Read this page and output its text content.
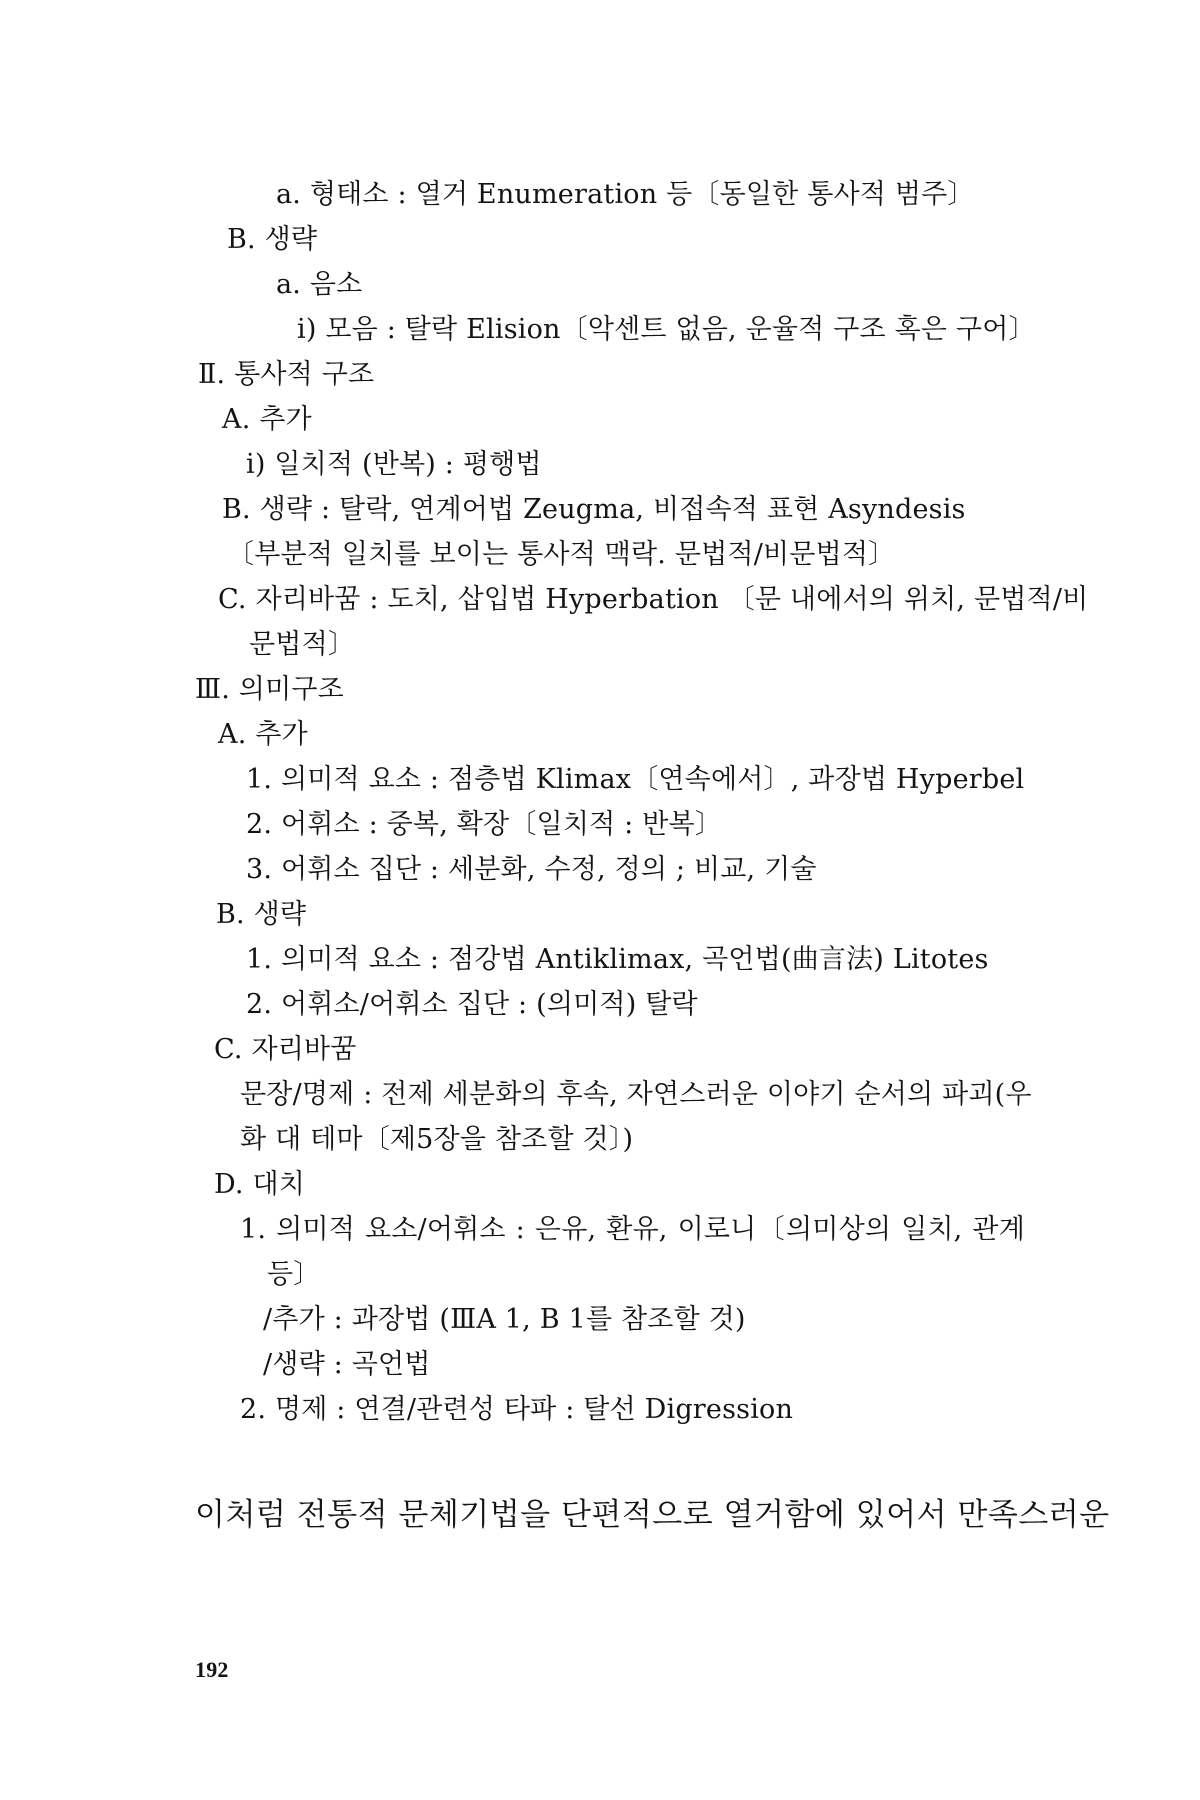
a. 형태소 : 열거 Enumeration 등〔동일한 통사적 범주〕
B. 생략
a. 음소
i) 모음 : 탈락 Elision〔악센트 없음, 운율적 구조 혹은 구어〕
Ⅱ. 통사적 구조
A. 추가
i) 일치적 (반복) : 평행법
B. 생략 : 탈락, 연계어법 Zeugma, 비접속적 표현 Asyndesis
〔부분적 일치를 보이는 통사적 맥락. 문법적/비문법적〕
C. 자리바꿈 : 도치, 삽입법 Hyperbation 〔문 내에서의 위치, 문법적/비
문법적〕
Ⅲ. 의미구조
A. 추가
1. 의미적 요소 : 점층법 Klimax〔연속에서〕, 과장법 Hyperbel
2. 어휘소 : 중복, 확장〔일치적 : 반복〕
3. 어휘소 집단 : 세분화, 수정, 정의 ; 비교, 기술
B. 생략
1. 의미적 요소 : 점강법 Antiklimax, 곡언법(曲言法) Litotes
2. 어휘소/어휘소 집단 : (의미적) 탈락
C. 자리바꿈
문장/명제 : 전제 세분화의 후속, 자연스러운 이야기 순서의 파괴(우
화 대 테마〔제5장을 참조할 것〕)
D. 대치
1. 의미적 요소/어휘소 : 은유, 환유, 이로니〔의미상의 일치, 관계
등〕
/추가 : 과장법 (ⅢA 1, B 1를 참조할 것)
/생략 : 곡언법
2. 명제 : 연결/관련성 타파 : 탈선 Digression
이처럼 전통적 문체기법을 단편적으로 열거함에 있어서 만족스러운
192
